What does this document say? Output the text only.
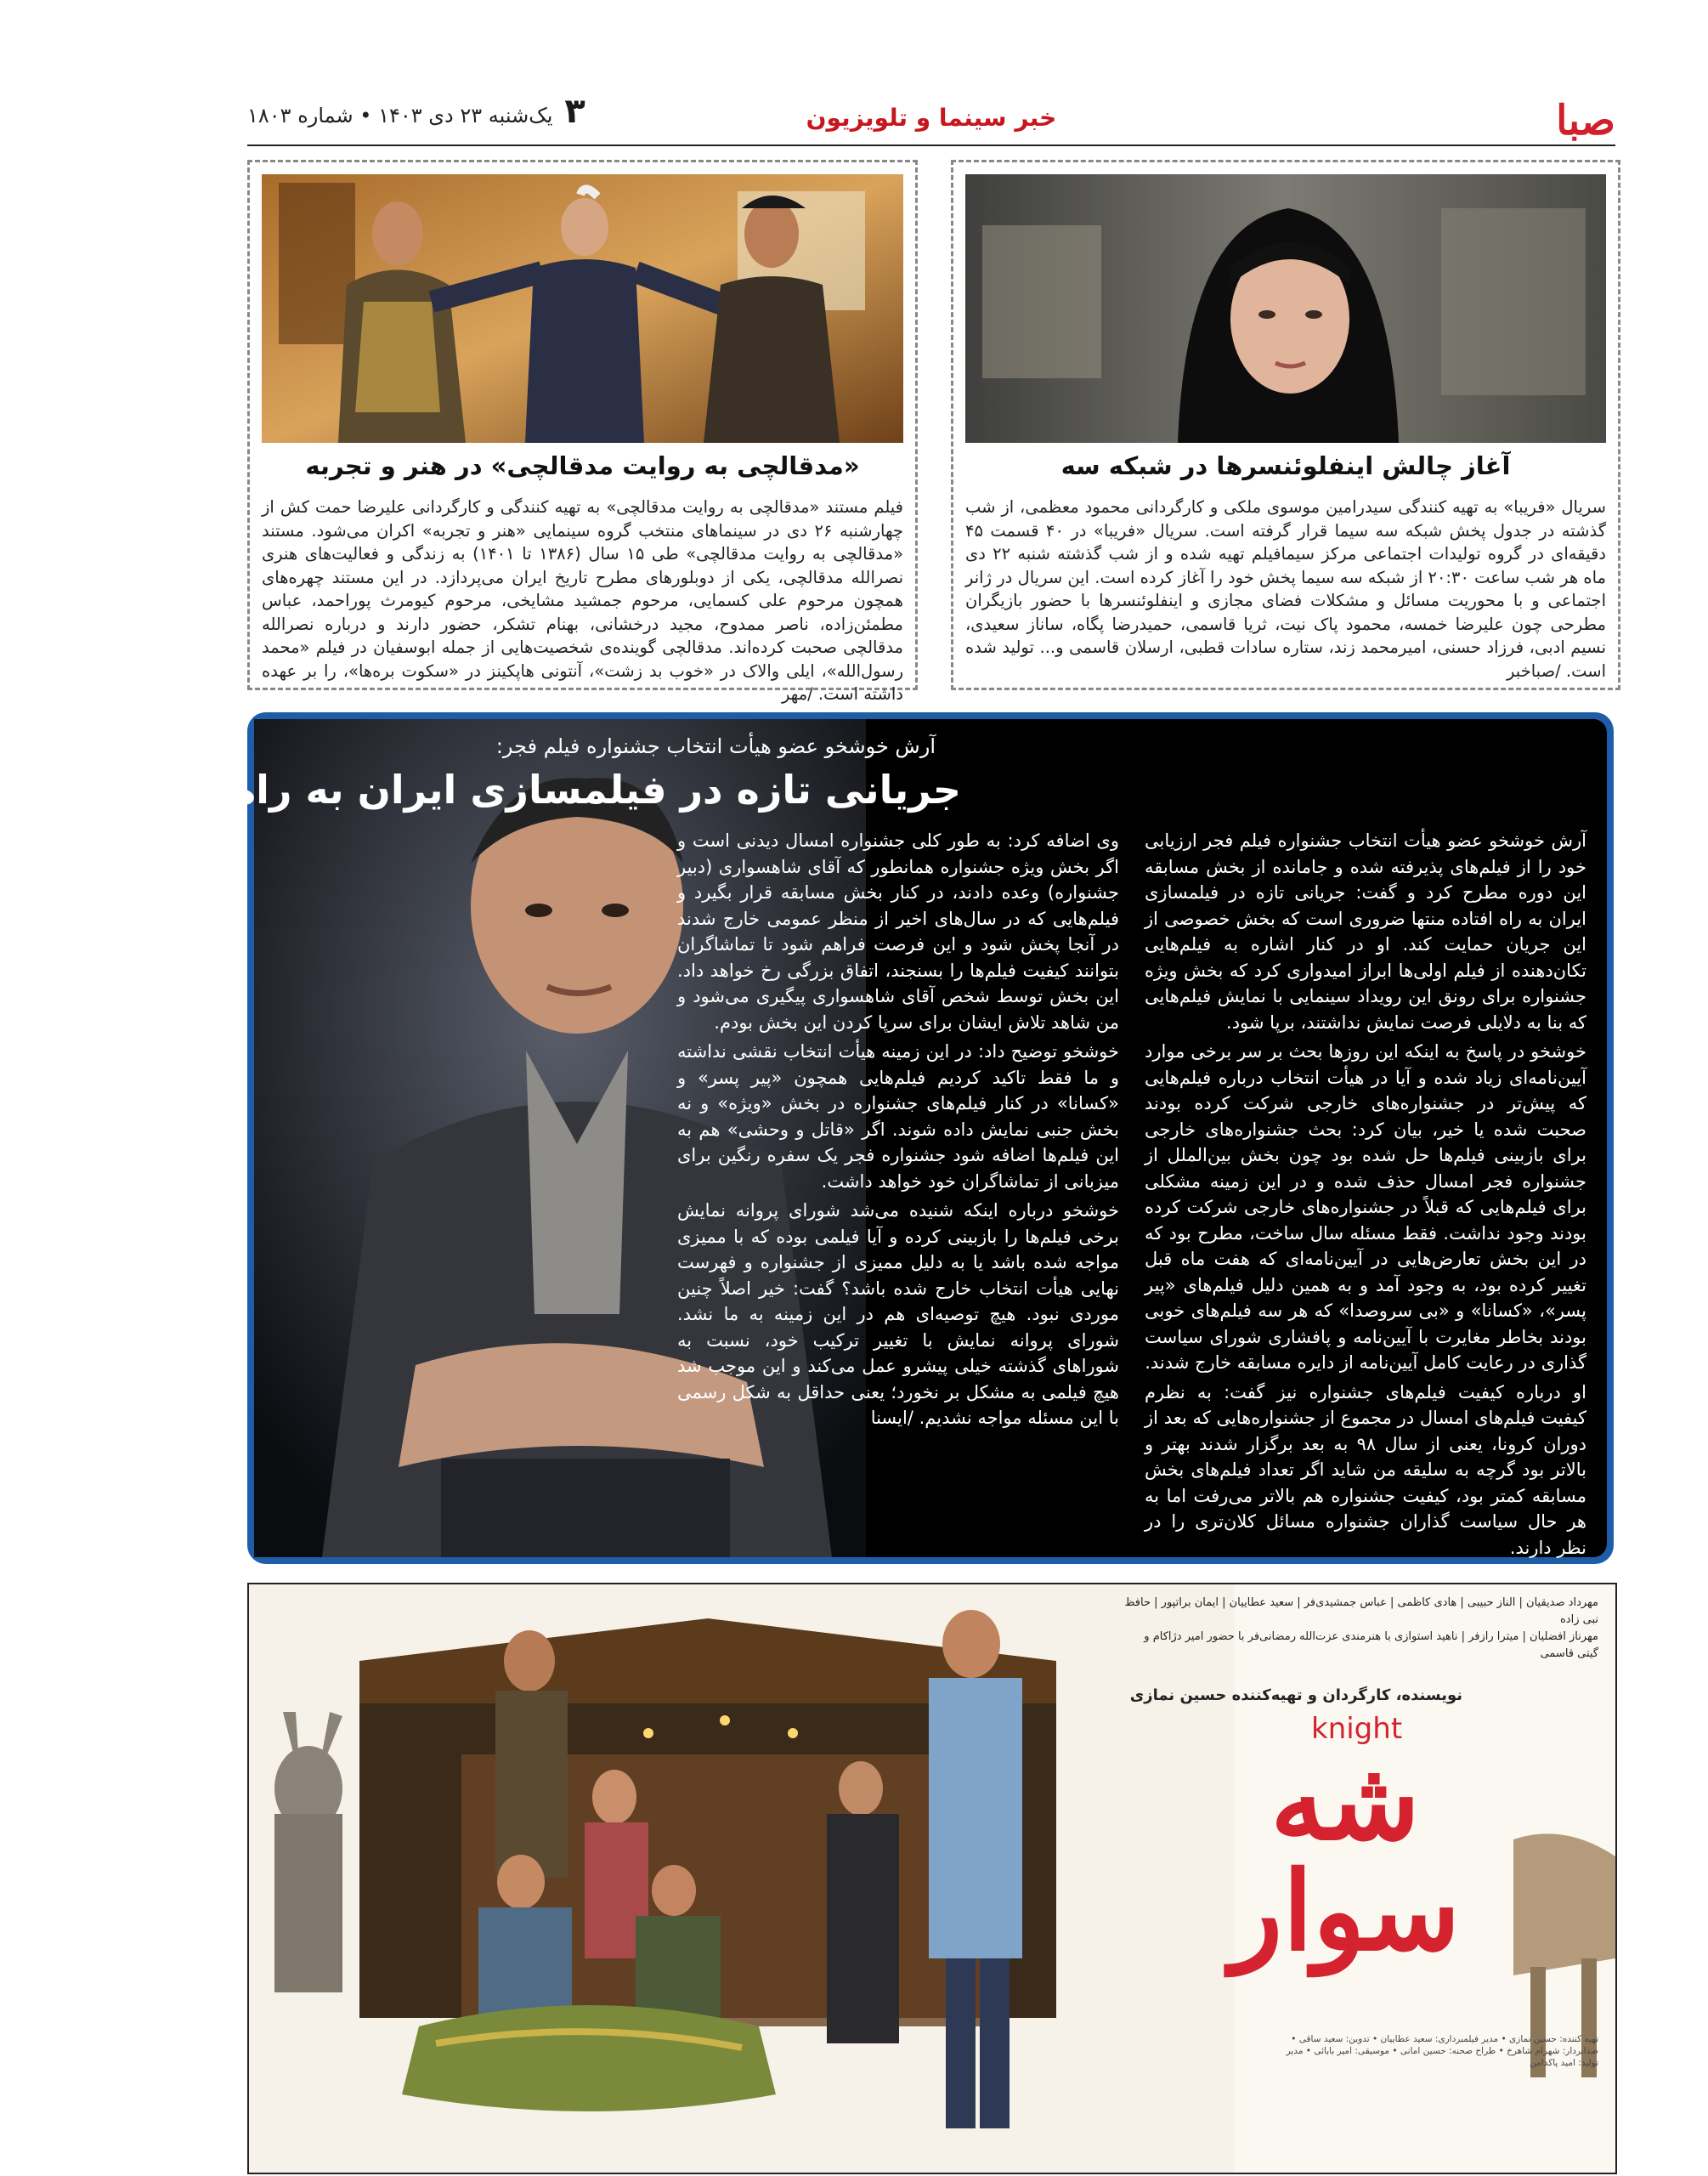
صبا
خبر سینما و تلویزیون
یک‌شنبه ۲۳ دی ۱۴۰۳ • شماره ۱۸۰۳ ۳
«مدقالچی به روایت مدقالچی» در هنر و تجربه

فیلم مستند «مدقالچی به روایت مدقالچی» به تهیه کنندگی و کارگردانی علیرضا حمت کش از چهارشنبه ۲۶ دی در سینماهای منتخب گروه سینمایی «هنر و تجربه» اکران می‌شود. مستند «مدقالچی به روایت مدقالچی» طی ۱۵ سال (۱۳۸۶ تا ۱۴۰۱) به زندگی و فعالیت‌های هنری نصرالله مدقالچی، یکی از دوبلورهای مطرح تاریخ ایران می‌پردازد. در این مستند چهره‌های همچون مرحوم علی کسمایی، مرحوم جمشید مشایخی، مرحوم کیومرث پوراحمد، عباس مطمئن‌زاده، ناصر ممدوح، مجید درخشانی، بهنام تشکر، حضور دارند و درباره نصرالله مدقالچی صحبت کرده‌اند. مدقالچی گوینده‌ی شخصیت‌هایی از جمله ابوسفیان در فیلم «محمد رسول‌الله»، ایلی والاک در «خوب بد زشت»، آنتونی هاپکینز در «سکوت بره‌ها»، را بر عهده داشته است. /مهر

آغاز چالش اینفلوئنسرها در شبکه سه

سریال «فریبا» به تهیه کنندگی سیدرامین موسوی ملکی و کارگردانی محمود معظمی، از شب گذشته در جدول پخش شبکه سه سیما قرار گرفته است. سریال «فریبا» در ۴۰ قسمت ۴۵ دقیقه‌ای در گروه تولیدات اجتماعی مرکز سیمافیلم تهیه شده و از شب گذشته شنبه ۲۲ دی ماه هر شب ساعت ۲۰:۳۰ از شبکه سه سیما پخش خود را آغاز کرده است. این سریال در ژانر اجتماعی و با محوریت مسائل و مشکلات فضای مجازی و اینفلوئنسرها با حضور بازیگران مطرحی چون علیرضا خمسه، محمود پاک نیت، ثریا قاسمی، حمیدرضا پگاه، ساناز سعیدی، نسیم ادبی، فرزاد حسنی، امیرمحمد زند، ستاره سادات قطبی، ارسلان قاسمی و... تولید شده است. /صباخبر

آرش خوشخو عضو هیأت انتخاب جشنواره فیلم فجر:
جریانی تازه در فیلمسازی ایران به راه افتاده است

آرش خوشخو عضو هیأت انتخاب جشنواره فیلم فجر ارزیابی خود را از فیلم‌های پذیرفته شده و جامانده از بخش مسابقه این دوره مطرح کرد و گفت: جریانی تازه در فیلمسازی ایران به راه افتاده منتها ضروری است که بخش خصوصی از این جریان حمایت کند. او در کنار اشاره به فیلم‌هایی تکان‌دهنده از فیلم اولی‌ها ابراز امیدواری کرد که بخش ویژه جشنواره برای رونق این رویداد سینمایی با نمایش فیلم‌هایی که بنا به دلایلی فرصت نمایش نداشتند، برپا شود.

خوشخو در پاسخ به اینکه این روزها بحث بر سر برخی موارد آیین‌نامه‌ای زیاد شده و آیا در هیأت انتخاب درباره فیلم‌هایی که پیش‌تر در جشنواره‌های خارجی شرکت کرده بودند صحبت شده یا خیر، بیان کرد: بحث جشنواره‌های خارجی برای بازبینی فیلم‌ها حل شده بود چون بخش بین‌الملل از جشنواره فجر امسال حذف شده و در این زمینه مشکلی برای فیلم‌هایی که قبلاً در جشنواره‌های خارجی شرکت کرده بودند وجود نداشت. فقط مسئله سال ساخت، مطرح بود که در این بخش تعارض‌هایی در آیین‌نامه‌ای که هفت ماه قبل تغییر کرده بود، به وجود آمد و به همین دلیل فیلم‌های «پیر پسر»، «کسانا» و «بی سروصدا» که هر سه فیلم‌های خوبی بودند بخاطر مغایرت با آیین‌نامه و پافشاری شورای سیاست گذاری در رعایت کامل آیین‌نامه از دایره مسابقه خارج شدند.

او درباره کیفیت فیلم‌های جشنواره نیز گفت: به نظرم کیفیت فیلم‌های امسال در مجموع از جشنواره‌هایی که بعد از دوران کرونا، یعنی از سال ۹۸ به بعد برگزار شدند بهتر و بالاتر بود گرچه به سلیقه من شاید اگر تعداد فیلم‌های بخش مسابقه کمتر بود، کیفیت جشنواره هم بالاتر می‌رفت اما به هر حال سیاست گذاران جشنواره مسائل کلان‌تری را در نظر دارند.

وی اضافه کرد: به طور کلی جشنواره امسال دیدنی است و اگر بخش ویژه جشنواره همانطور که آقای شاهسواری (دبیر جشنواره) وعده دادند، در کنار بخش مسابقه قرار بگیرد و فیلم‌هایی که در سال‌های اخیر از منظر عمومی خارج شدند در آنجا پخش شود و این فرصت فراهم شود تا تماشاگران بتوانند کیفیت فیلم‌ها را بسنجند، اتفاق بزرگی رخ خواهد داد. این بخش توسط شخص آقای شاهسواری پیگیری می‌شود و من شاهد تلاش ایشان برای سرپا کردن این بخش بودم.

خوشخو توضیح داد: در این زمینه هیأت انتخاب نقشی نداشته و ما فقط تاکید کردیم فیلم‌هایی همچون «پیر پسر» و «کسانا» در کنار فیلم‌های جشنواره در بخش «ویژه» و نه بخش جنبی نمایش داده شوند. اگر «قاتل و وحشی» هم به این فیلم‌ها اضافه شود جشنواره فجر یک سفره رنگین برای میزبانی از تماشاگران خود خواهد داشت.

خوشخو درباره اینکه شنیده می‌شد شورای پروانه نمایش برخی فیلم‌ها را بازبینی کرده و آیا فیلمی بوده که با ممیزی مواجه شده باشد یا به دلیل ممیزی از جشنواره و فهرست نهایی هیأت انتخاب خارج شده باشد؟ گفت: خیر اصلاً چنین موردی نبود. هیچ توصیه‌ای هم در این زمینه به ما نشد. شورای پروانه نمایش با تغییر ترکیب خود، نسبت به شوراهای گذشته خیلی پیشرو عمل می‌کند و این موجب شد هیچ فیلمی به مشکل بر نخورد؛ یعنی حداقل به شکل رسمی با این مسئله مواجه نشدیم. /ایسنا

مهرداد صدیقیان | الناز حبیبی | هادی کاظمی | عباس جمشیدی‌فر | سعید عطاییان | ایمان براتپور | حافظ نبی زاده
مهرناز افضلیان | میترا رازفر | ناهید استوازی با هنرمندی عزت‌الله رمضانی‌فر با حضور امیر دژاکام و گیتی قاسمی
نویسنده، کارگردان و تهیه‌کننده حسین نمازی
knight
شه سوار
تهیه کننده: حسین نمازی • مدیر فیلمبرداری: سعید عطاییان • تدوین: سعید ساقی • صدابردار: شهرام شاهرخ • طراح صحنه: حسین امانی • موسیقی: امیر بابائی • مدیر تولید: امید پاکدامن
